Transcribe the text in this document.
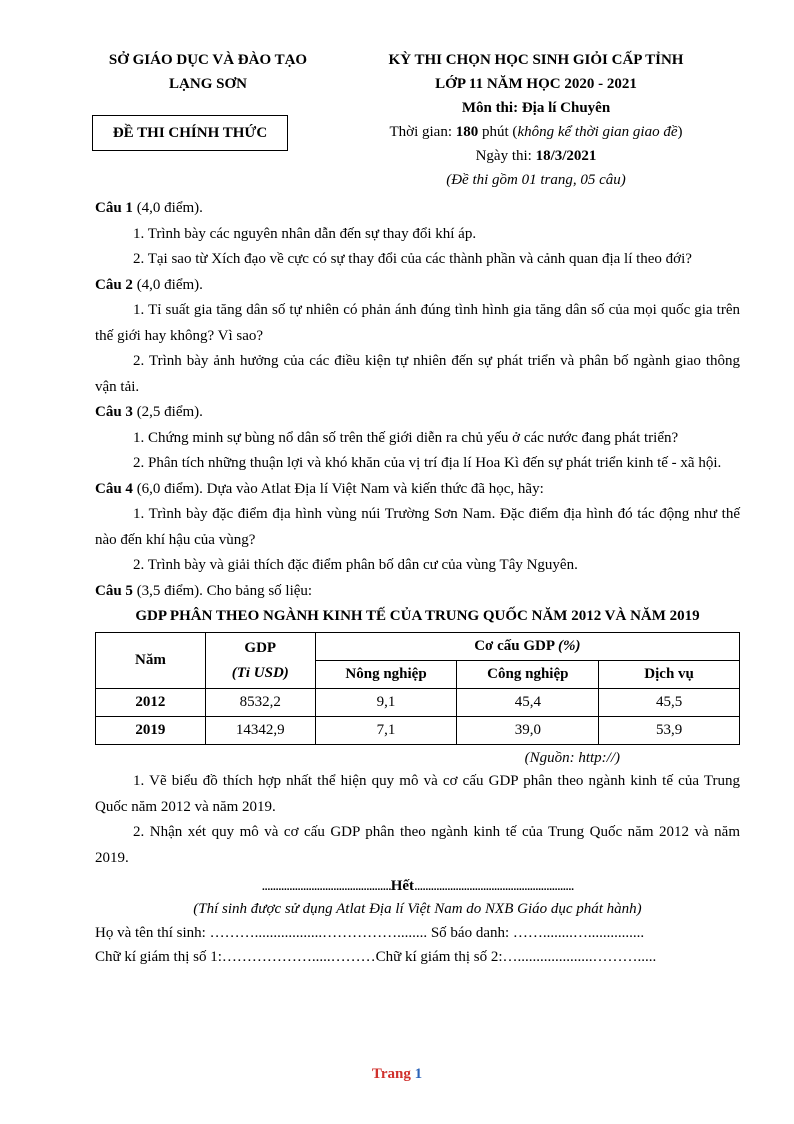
SỞ GIÁO DỤC VÀ ĐÀO TẠO
LẠNG SƠN
ĐỀ THI CHÍNH THỨC
KỲ THI CHỌN HỌC SINH GIỎI CẤP TỈNH
LỚP 11 NĂM HỌC 2020 - 2021
Môn thi: Địa lí Chuyên
Thời gian: 180 phút (không kể thời gian giao đề)
Ngày thi: 18/3/2021
(Đề thi gồm 01 trang, 05 câu)

Câu 1 (4,0 điểm).

1. Trình bày các nguyên nhân dẫn đến sự thay đổi khí áp.

2. Tại sao từ Xích đạo về cực có sự thay đổi của các thành phần và cảnh quan địa lí theo đới?

Câu 2 (4,0 điểm).

1. Tỉ suất gia tăng dân số tự nhiên có phản ánh đúng tình hình gia tăng dân số của mọi quốc gia trên thế giới hay không? Vì sao?

2. Trình bày ảnh hưởng của các điều kiện tự nhiên đến sự phát triển và phân bố ngành giao thông vận tải.

Câu 3 (2,5 điểm).

1. Chứng minh sự bùng nổ dân số trên thế giới diễn ra chủ yếu ở các nước đang phát triển?

2. Phân tích những thuận lợi và khó khăn của vị trí địa lí Hoa Kì đến sự phát triển kinh tế - xã hội.

Câu 4 (6,0 điểm). Dựa vào Atlat Địa lí Việt Nam và kiến thức đã học, hãy:

1. Trình bày đặc điểm địa hình vùng núi Trường Sơn Nam. Đặc điểm địa hình đó tác động như thế nào đến khí hậu của vùng?

2. Trình bày và giải thích đặc điểm phân bố dân cư của vùng Tây Nguyên.

Câu 5 (3,5 điểm). Cho bảng số liệu:

GDP PHÂN THEO NGÀNH KINH TẾ CỦA TRUNG QUỐC NĂM 2012 VÀ NĂM 2019

Năm	GDP
(Tỉ USD)	Cơ cấu GDP (%)		
		Nông nghiệp	Công nghiệp	Dịch vụ
2012	8532,2	9,1	45,4	45,5
2019	14342,9	7,1	39,0	53,9

(Nguồn: http://)

1. Vẽ biểu đồ thích hợp nhất thể hiện quy mô và cơ cấu GDP phân theo ngành kinh tế của Trung Quốc năm 2012 và năm 2019.

2. Nhận xét quy mô và cơ cấu GDP phân theo ngành kinh tế của Trung Quốc năm 2012 và năm 2019.

...............................................Hết..........................................................

(Thí sinh được sử dụng Atlat Địa lí Việt Nam do NXB Giáo dục phát hành)

Họ và tên thí sinh: ………..................……………........ Số báo danh: ……........…...............

Chữ kí giám thị số 1:……………….....………Chữ kí giám thị số 2:…....................……….....

Trang 1
